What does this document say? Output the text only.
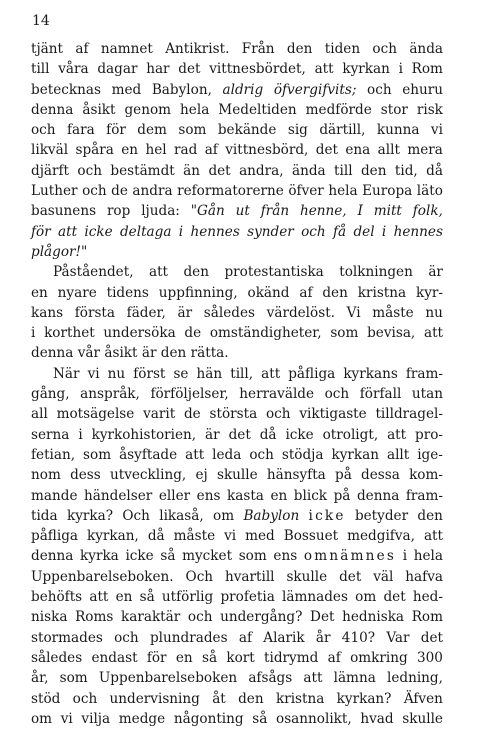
14
tjänt af namnet Antikrist. Från den tiden och ända
till våra dagar har det vittnesbördet, att kyrkan i Rom
betecknas med Babylon, aldrig öfvergifvits; och ehuru
denna åsikt genom hela Medeltiden medförde stor risk
och fara för dem som bekände sig därtill, kunna vi
likväl spåra en hel rad af vittnesbörd, det ena allt mera
djärft och bestämdt än det andra, ända till den tid, då
Luther och de andra reformatorerne öfver hela Europa läto
basunens rop ljuda: "Gån ut från henne, I mitt folk,
för att icke deltaga i hennes synder och få del i hennes
plågor!"
Påståendet, att den protestantiska tolkningen är
en nyare tidens uppfinning, okänd af den kristna kyr-
kans första fäder, är således värdelöst. Vi måste nu
i korthet undersöka de omständigheter, som bevisa, att
denna vår åsikt är den rätta.
När vi nu först se hän till, att påfliga kyrkans fram-
gång, anspråk, förföljelser, herravälde och förfall utan
all motsägelse varit de största och viktigaste tilldragel-
serna i kyrkohistorien, är det då icke otroligt, att pro-
fetian, som åsyftade att leda och stödja kyrkan allt ige-
nom dess utveckling, ej skulle hänsyfta på dessa kom-
mande händelser eller ens kasta en blick på denna fram-
tida kyrka? Och likaså, om Babylon icke betyder den
påfliga kyrkan, då måste vi med Bossuet medgifva, att
denna kyrka icke så mycket som ens omnämnes i hela
Uppenbarelseboken. Och hvartill skulle det väl hafva
behöfts att en så utförlig profetia lämnades om det hed-
niska Roms karaktär och undergång? Det hedniska Rom
stormades och plundrades af Alarik år 410? Var det
således endast för en så kort tidrymd af omkring 300
år, som Uppenbarelseboken afsågs att lämna ledning,
stöd och undervisning åt den kristna kyrkan? Äfven
om vi vilja medge någonting så osannolikt, hvad skulle
